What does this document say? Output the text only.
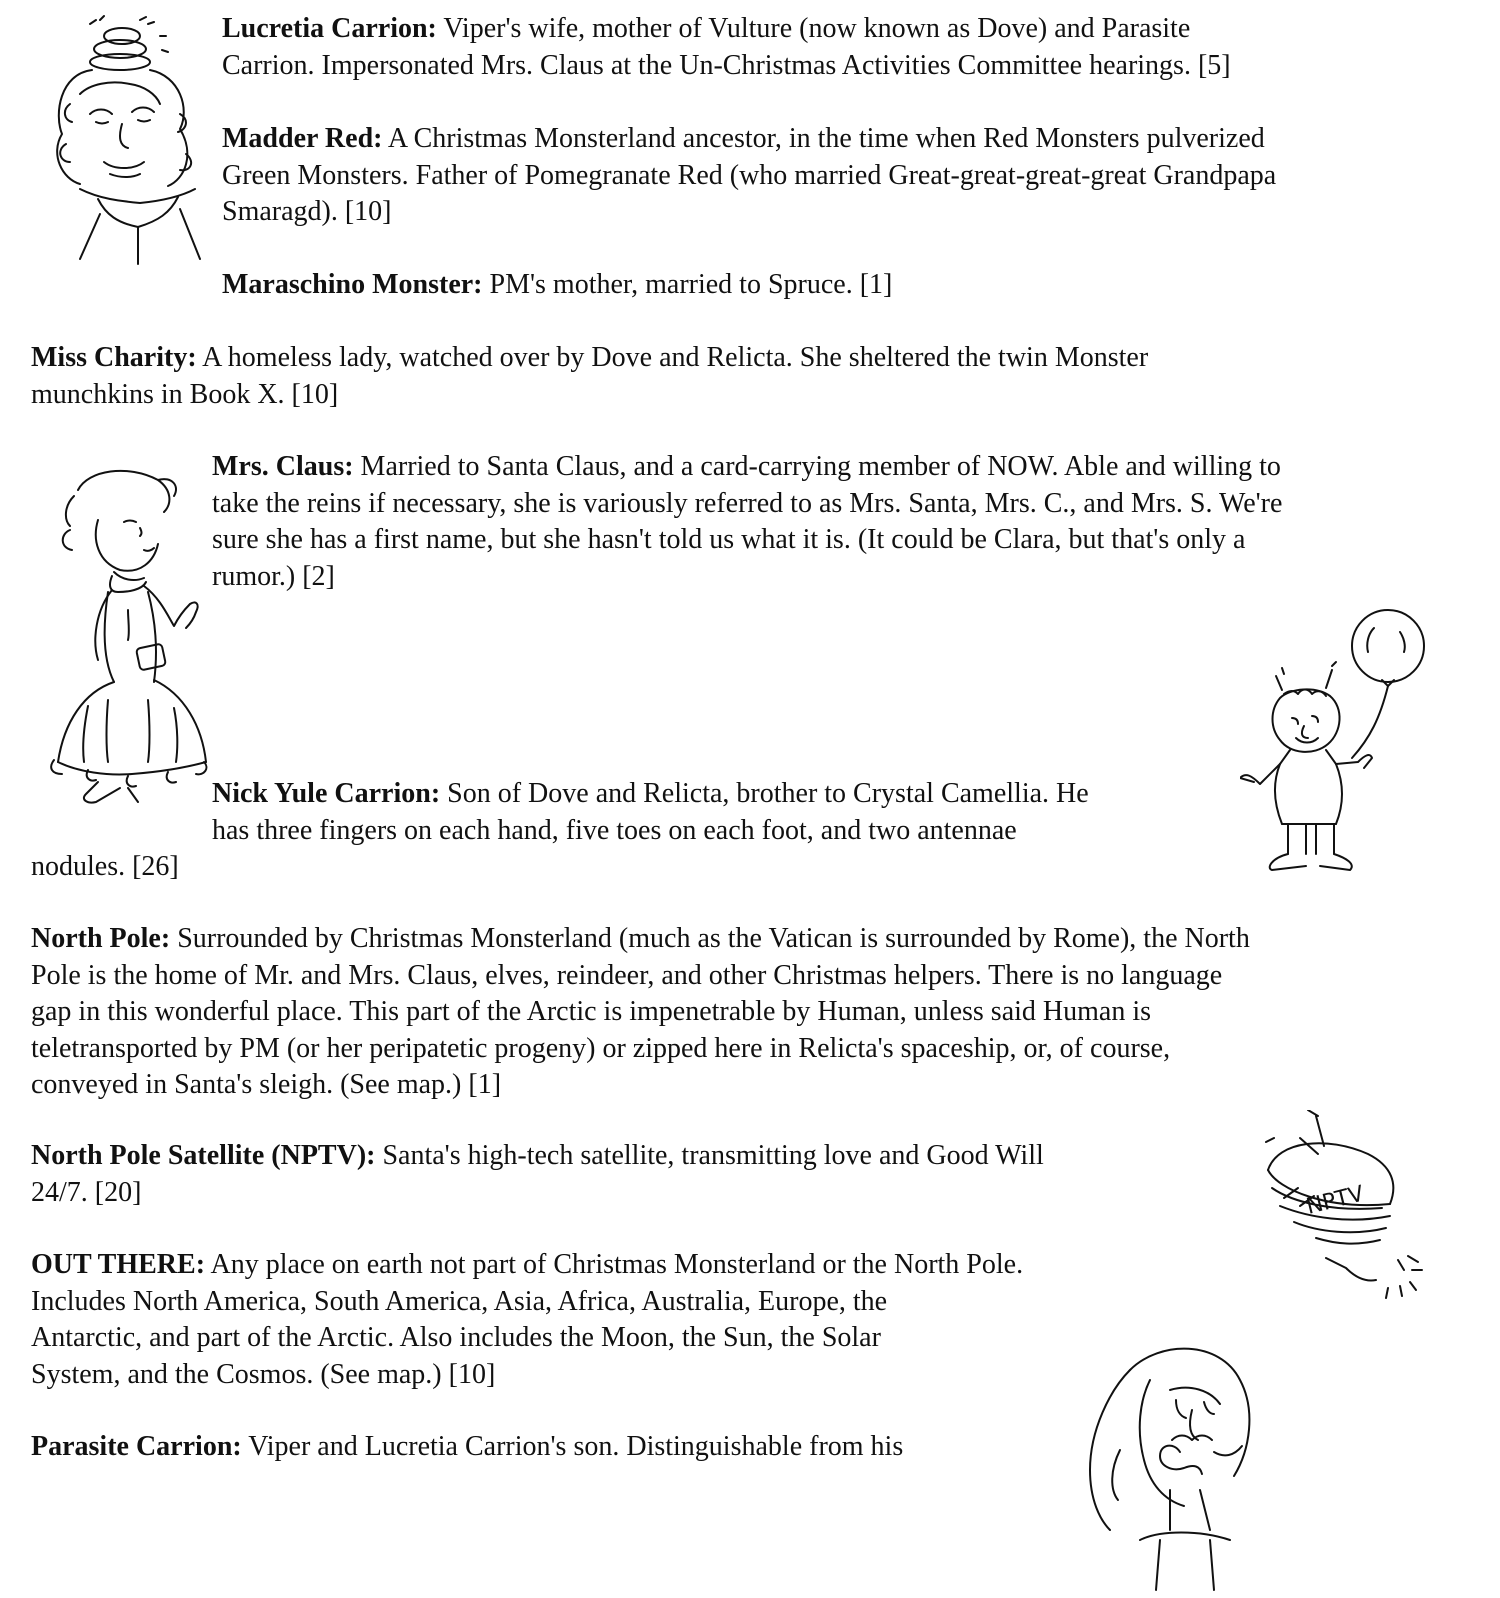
Lucretia Carrion: Viper's wife, mother of Vulture (now known as Dove) and Parasite
Carrion. Impersonated Mrs. Claus at the Un-Christmas Activities Committee hearings. [5]

Madder Red: A Christmas Monsterland ancestor, in the time when Red Monsters pulverized
Green Monsters. Father of Pomegranate Red (who married Great-great-great-great Grandpapa
Smaragd). [10]

Maraschino Monster: PM's mother, married to Spruce. [1]

Miss Charity: A homeless lady, watched over by Dove and Relicta. She sheltered the twin Monster
munchkins in Book X. [10]

Mrs. Claus: Married to Santa Claus, and a card-carrying member of NOW. Able and willing to
take the reins if necessary, she is variously referred to as Mrs. Santa, Mrs. C., and Mrs. S. We're
sure she has a first name, but she hasn't told us what it is. (It could be Clara, but that's only a
rumor.) [2]

Nick Yule Carrion: Son of Dove and Relicta, brother to Crystal Camellia. He
has three fingers on each hand, five toes on each foot, and two antennae

nodules. [26]

North Pole: Surrounded by Christmas Monsterland (much as the Vatican is surrounded by Rome), the North
Pole is the home of Mr. and Mrs. Claus, elves, reindeer, and other Christmas helpers. There is no language
gap in this wonderful place. This part of the Arctic is impenetrable by Human, unless said Human is
teletransported by PM (or her peripatetic progeny) or zipped here in Relicta's spaceship, or, of course,
conveyed in Santa's sleigh. (See map.) [1]

North Pole Satellite (NPTV): Santa's high-tech satellite, transmitting love and Good Will
24/7. [20]

OUT THERE: Any place on earth not part of Christmas Monsterland or the North Pole.
Includes North America, South America, Asia, Africa, Australia, Europe, the
Antarctic, and part of the Arctic. Also includes the Moon, the Sun, the Solar
System, and the Cosmos. (See map.) [10]

Parasite Carrion: Viper and Lucretia Carrion's son. Distinguishable from his

NPTV
